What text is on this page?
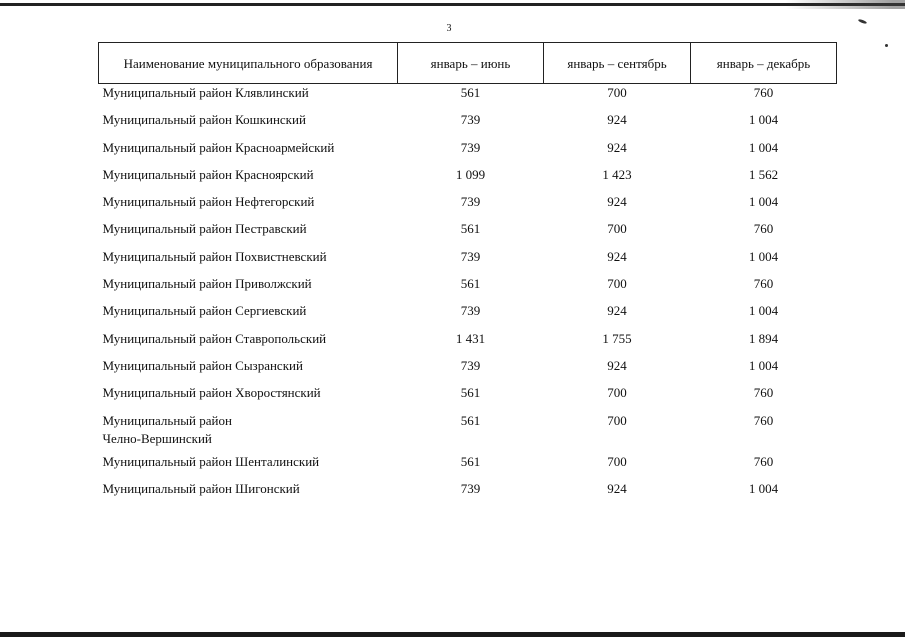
3
Наименование муниципального образования	январь – июнь	январь – сентябрь	январь – декабрь

Муниципальный район Клявлинский	561	700	760

Муниципальный район Кошкинский	739	924	1 004

Муниципальный район Красноармейский	739	924	1 004

Муниципальный район Красноярский	1 099	1 423	1 562

Муниципальный район Нефтегорский	739	924	1 004

Муниципальный район Пестравский	561	700	760

Муниципальный район Похвистневский	739	924	1 004

Муниципальный район Приволжский	561	700	760

Муниципальный район Сергиевский	739	924	1 004

Муниципальный район Ставропольский	1 431	1 755	1 894

Муниципальный район Сызранский	739	924	1 004

Муниципальный район Хворостянский	561	700	760

Муниципальный район
Челно-Вершинский	561	700	760

Муниципальный район Шенталинский	561	700	760

Муниципальный район Шигонский	739	924	1 004
